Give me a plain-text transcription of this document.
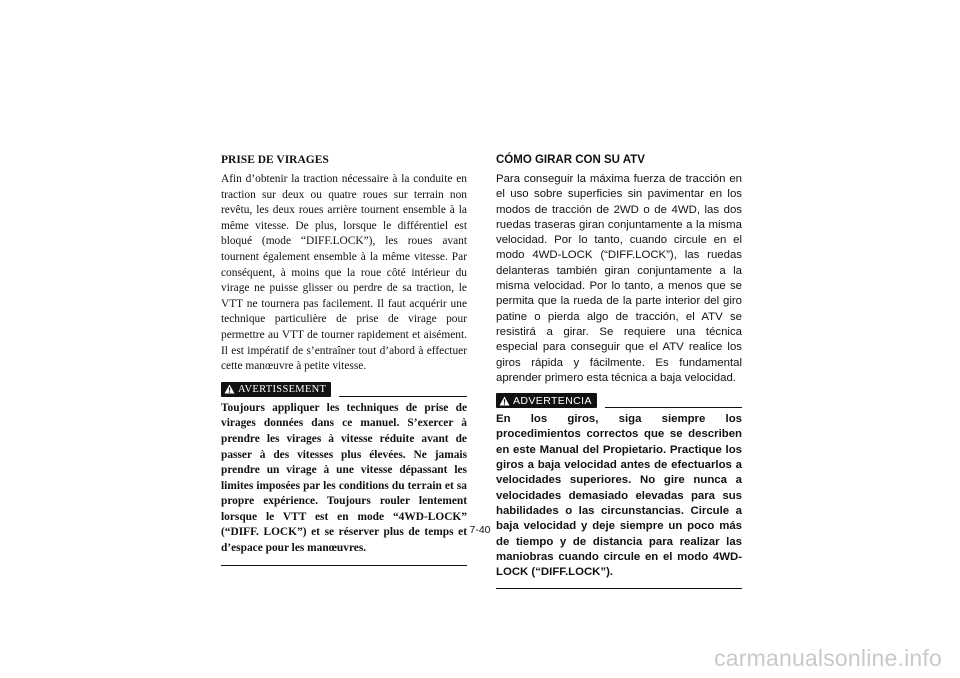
PRISE DE VIRAGES

Afin d’obtenir la traction nécessaire à la conduite en traction sur deux ou quatre roues sur terrain non revêtu, les deux roues arrière tournent ensemble à la même vitesse. De plus, lorsque le différentiel est bloqué (mode “DIFF.LOCK”), les roues avant tournent également ensemble à la même vitesse. Par conséquent, à moins que la roue côté intérieur du virage ne puisse glisser ou perdre de sa traction, le VTT ne tournera pas facilement. Il faut acquérir une technique particulière de prise de virage pour permettre au VTT de tourner rapidement et aisément. Il est impératif de s’entraîner tout d’abord à effectuer cette manœuvre à petite vitesse.

AVERTISSEMENT

Toujours appliquer les techniques de prise de virages données dans ce manuel. S’exercer à prendre les virages à vitesse réduite avant de passer à des vitesses plus élevées. Ne jamais prendre un virage à une vitesse dépassant les limites imposées par les conditions du terrain et sa propre expérience. Toujours rouler lentement lorsque le VTT est en mode “4WD-LOCK” (“DIFF. LOCK”) et se réserver plus de temps et d’espace pour les manœuvres.

CÓMO GIRAR CON SU ATV

Para conseguir la máxima fuerza de tracción en el uso sobre superficies sin pavimentar en los modos de tracción de 2WD o de 4WD, las dos ruedas traseras giran conjuntamente a la misma velocidad. Por lo tanto, cuando circule en el modo 4WD-LOCK (“DIFF.LOCK”), las ruedas delanteras también giran conjuntamente a la misma velocidad. Por lo tanto, a menos que se permita que la rueda de la parte interior del giro patine o pierda algo de tracción, el ATV se resistirá a girar. Se requiere una técnica especial para conseguir que el ATV realice los giros rápida y fácilmente. Es fundamental aprender primero esta técnica a baja velocidad.

ADVERTENCIA

En los giros, siga siempre los procedimientos correctos que se describen en este Manual del Propietario. Practique los giros a baja velocidad antes de efectuarlos a velocidades superiores. No gire nunca a velocidades demasiado elevadas para sus habilidades o las circunstancias. Circule a baja velocidad y deje siempre un poco más de tiempo y de distancia para realizar las maniobras cuando circule en el modo 4WD-LOCK (“DIFF.LOCK”).

7-40
carmanualsonline.info
